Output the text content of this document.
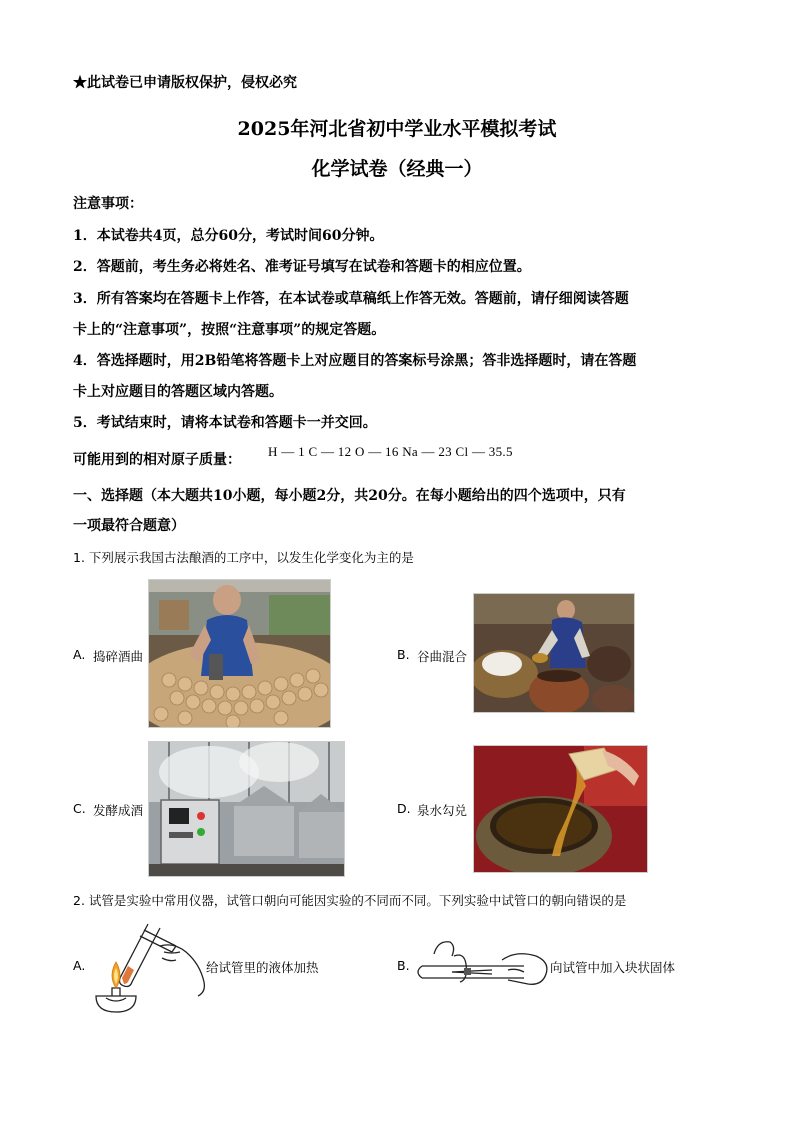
★此试卷已申请版权保护，侵权必究
2025年河北省初中学业水平模拟考试
化学试卷（经典一）
注意事项：
1．本试卷共4页，总分60分，考试时间60分钟。
2．答题前，考生务必将姓名、准考证号填写在试卷和答题卡的相应位置。
3．所有答案均在答题卡上作答，在本试卷或草稿纸上作答无效。答题前，请仔细阅读答题
卡上的“注意事项”，按照“注意事项”的规定答题。
4．答选择题时，用2B铅笔将答题卡上对应题目的答案标号涂黑；答非选择题时，请在答题
卡上对应题目的答题区域内答题。
5．考试结束时，请将本试卷和答题卡一并交回。
可能用到的相对原子质量：
H — 1 C — 12 O — 16 Na — 23 Cl — 35.5
一、选择题（本大题共10小题，每小题2分，共20分。在每小题给出的四个选项中，只有
一项最符合题意）
1. 下列展示我国古法酿酒的工序中，以发生化学变化为主的是
A. 捣碎酒曲	B. 谷曲混合
C. 发酵成酒	D. 泉水勾兑
2. 试管是实验中常用仪器，试管口朝向可能因实验的不同而不同。下列实验中试管口的朝向错误的是
A.	给试管里的液体加热	B.	向试管中加入块状固体
